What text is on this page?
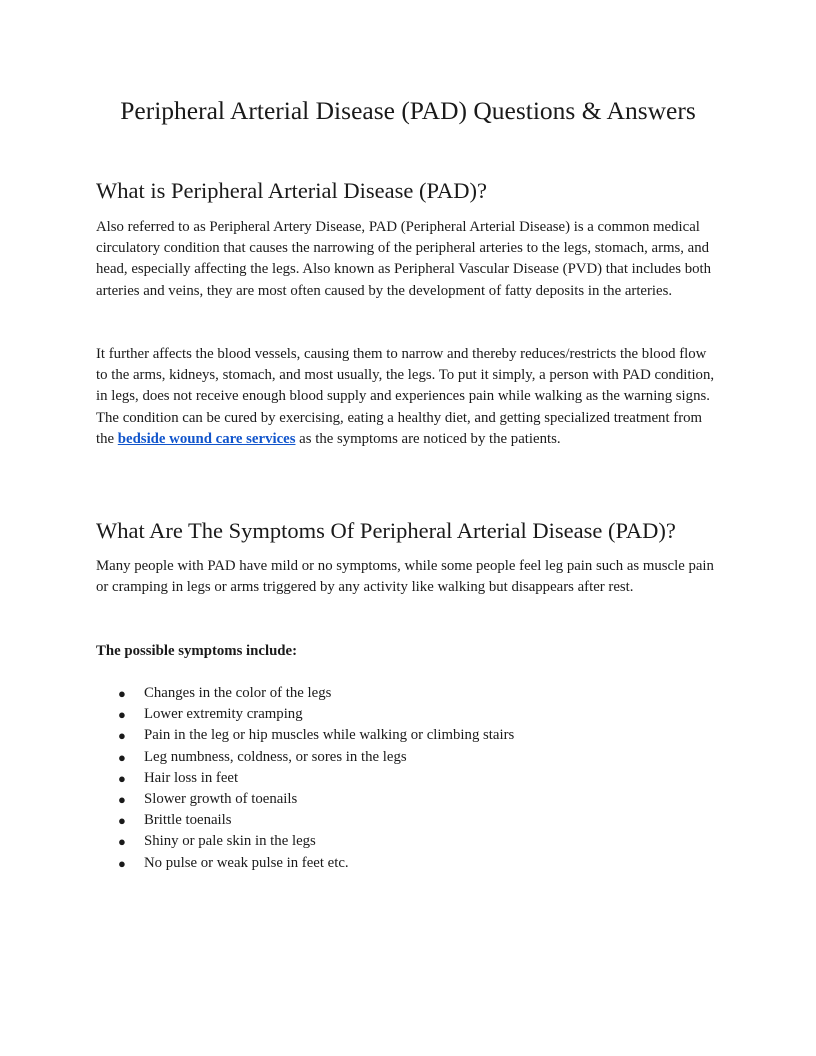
Peripheral Arterial Disease (PAD) Questions & Answers
What is Peripheral Arterial Disease (PAD)?

Also referred to as Peripheral Artery Disease, PAD (Peripheral Arterial Disease) is a common medical circulatory condition that causes the narrowing of the peripheral arteries to the legs, stomach, arms, and head, especially affecting the legs. Also known as Peripheral Vascular Disease (PVD) that includes both arteries and veins, they are most often caused by the development of fatty deposits in the arteries.

It further affects the blood vessels, causing them to narrow and thereby reduces/restricts the blood flow to the arms, kidneys, stomach, and most usually, the legs. To put it simply, a person with PAD condition, in legs, does not receive enough blood supply and experiences pain while walking as the warning signs. The condition can be cured by exercising, eating a healthy diet, and getting specialized treatment from the bedside wound care services as the symptoms are noticed by the patients.

What Are The Symptoms Of Peripheral Arterial Disease (PAD)?

Many people with PAD have mild or no symptoms, while some people feel leg pain such as muscle pain or cramping in legs or arms triggered by any activity like walking but disappears after rest.

The possible symptoms include:

● Changes in the color of the legs
● Lower extremity cramping
● Pain in the leg or hip muscles while walking or climbing stairs
● Leg numbness, coldness, or sores in the legs
● Hair loss in feet
● Slower growth of toenails
● Brittle toenails
● Shiny or pale skin in the legs
● No pulse or weak pulse in feet etc.
